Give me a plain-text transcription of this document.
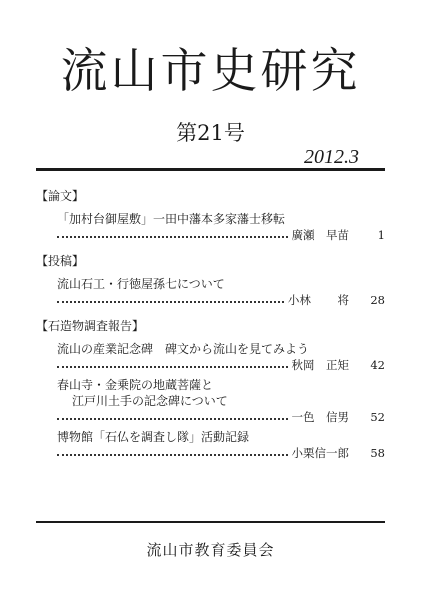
流山市史研究
第21号
2012.3
【論文】
「加村台御屋敷」一田中藩本多家藩士移転
廣瀬　早苗	1
【投稿】
流山石工・行徳屋孫七について
小林　　 将	28
【石造物調査報告】
流山の産業記念碑　碑文から流山を見てみよう
秋岡　正矩	42
春山寺・金乗院の地蔵菩薩と
江戸川土手の記念碑について
一色　信男	52
博物館「石仏を調査し隊」活動記録
小栗信一郎	58
流山市教育委員会
